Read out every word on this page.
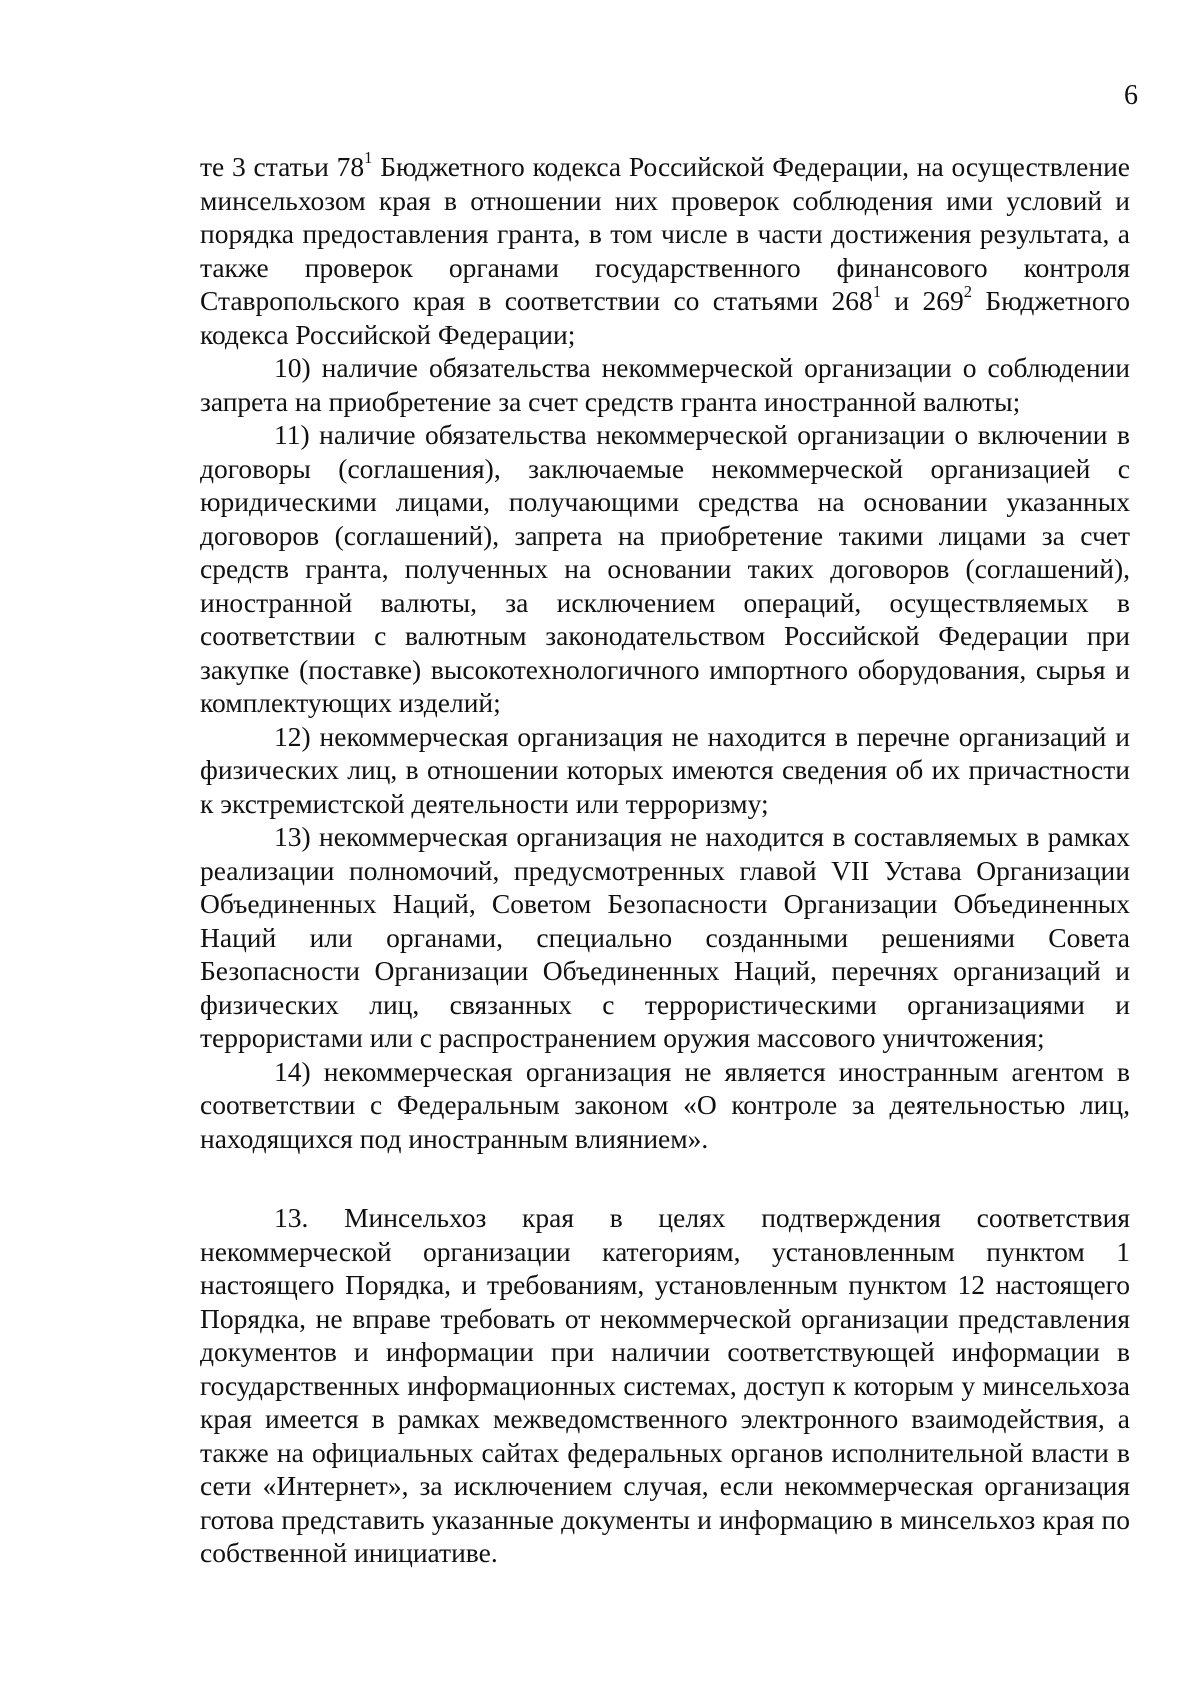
6

те 3 статьи $78^1$ Бюджетного кодекса Российской Федерации, на осуществление минсельхозом края в отношении них проверок соблюдения ими условий и порядка предоставления гранта, в том числе в части достижения результата, а также проверок органами государственного финансового контроля Ставропольского края в соответствии со статьями $268^1$ и $269^2$ Бюджетного кодекса Российской Федерации;

10) наличие обязательства некоммерческой организации о соблюдении запрета на приобретение за счет средств гранта иностранной валюты;

11) наличие обязательства некоммерческой организации о включении в договоры (соглашения), заключаемые некоммерческой организацией с юридическими лицами, получающими средства на основании указанных договоров (соглашений), запрета на приобретение такими лицами за счет средств гранта, полученных на основании таких договоров (соглашений), иностранной валюты, за исключением операций, осуществляемых в соответствии с валютным законодательством Российской Федерации при закупке (поставке) высокотехнологичного импортного оборудования, сырья и комплектующих изделий;

12) некоммерческая организация не находится в перечне организаций и физических лиц, в отношении которых имеются сведения об их причастности к экстремистской деятельности или терроризму;

13) некоммерческая организация не находится в составляемых в рамках реализации полномочий, предусмотренных главой VII Устава Организации Объединенных Наций, Советом Безопасности Организации Объединенных Наций или органами, специально созданными решениями Совета Безопасности Организации Объединенных Наций, перечнях организаций и физических лиц, связанных с террористическими организациями и террористами или с распространением оружия массового уничтожения;

14) некоммерческая организация не является иностранным агентом в соответствии с Федеральным законом «О контроле за деятельностью лиц, находящихся под иностранным влиянием».

13. Минсельхоз края в целях подтверждения соответствия некоммерческой организации категориям, установленным пунктом 1 настоящего Порядка, и требованиям, установленным пунктом 12 настоящего Порядка, не вправе требовать от некоммерческой организации представления документов и информации при наличии соответствующей информации в государственных информационных системах, доступ к которым у минсельхоза края имеется в рамках межведомственного электронного взаимодействия, а также на официальных сайтах федеральных органов исполнительной власти в сети «Интернет», за исключением случая, если некоммерческая организация готова представить указанные документы и информацию в минсельхоз края по собственной инициативе.
